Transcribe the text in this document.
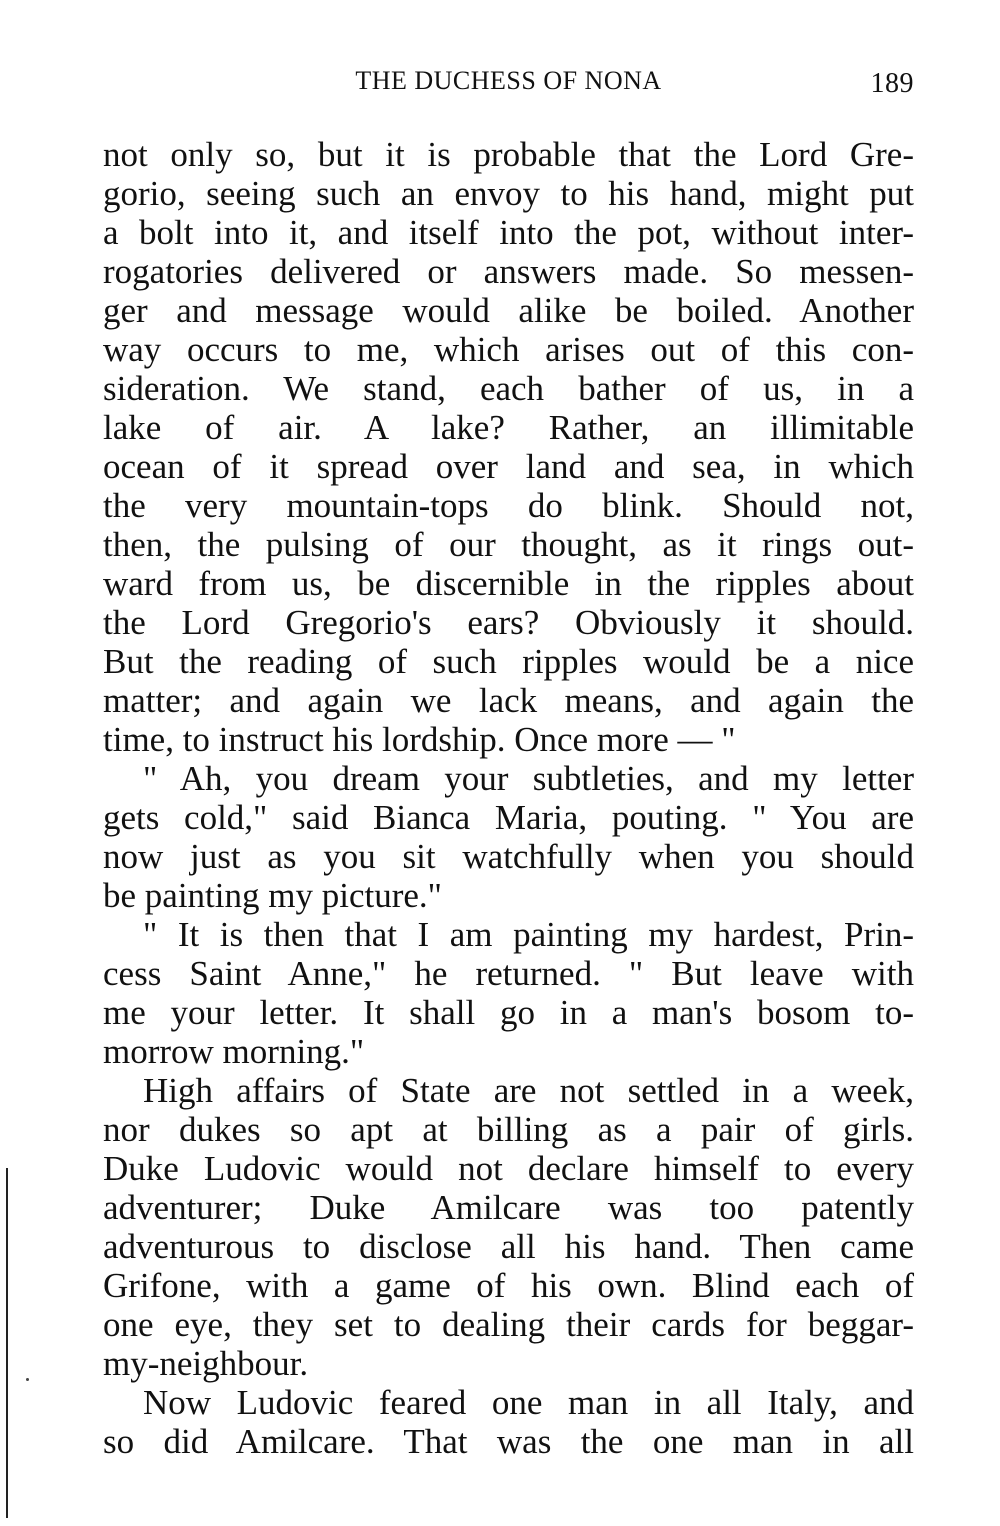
THE DUCHESS OF NONA	189
not only so, but it is probable that the Lord Gre-
gorio, seeing such an envoy to his hand, might put
a bolt into it, and itself into the pot, without inter-
rogatories delivered or answers made. So messen-
ger and message would alike be boiled. Another
way occurs to me, which arises out of this con-
sideration. We stand, each bather of us, in a
lake of air. A lake? Rather, an illimitable
ocean of it spread over land and sea, in which
the very mountain-tops do blink. Should not,
then, the pulsing of our thought, as it rings out-
ward from us, be discernible in the ripples about
the Lord Gregorio's ears? Obviously it should.
But the reading of such ripples would be a nice
matter; and again we lack means, and again the
time, to instruct his lordship. Once more — "
" Ah, you dream your subtleties, and my letter
gets cold," said Bianca Maria, pouting. " You are
now just as you sit watchfully when you should
be painting my picture."
" It is then that I am painting my hardest, Prin-
cess Saint Anne," he returned. " But leave with
me your letter. It shall go in a man's bosom to-
morrow morning."
High affairs of State are not settled in a week,
nor dukes so apt at billing as a pair of girls.
Duke Ludovic would not declare himself to every
adventurer; Duke Amilcare was too patently
adventurous to disclose all his hand. Then came
Grifone, with a game of his own. Blind each of
one eye, they set to dealing their cards for beggar-
my-neighbour.
Now Ludovic feared one man in all Italy, and
so did Amilcare. That was the one man in all
